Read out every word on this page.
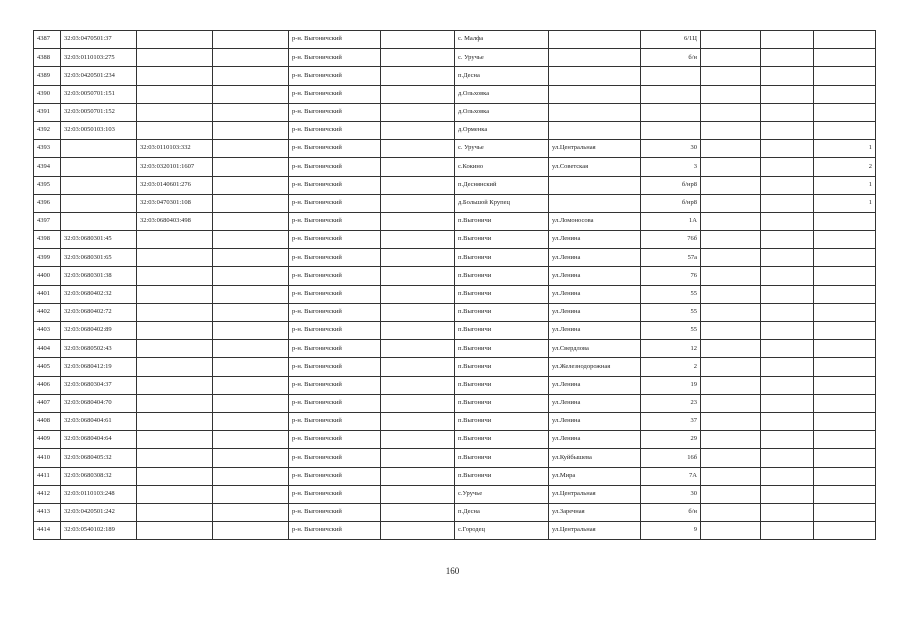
4387	32:03:0470501:37			р-н. Выгоничский		с. Малфа		6/1Ц			
4388	32:03:0110103:275			р-н. Выгоничский		с. Уручье		б/н			
4389	32:03:0420501:234			р-н. Выгоничский		п.Десна					
4390	32:03:0050701:151			р-н. Выгоничский		д.Ольховка					
4391	32:03:0050701:152			р-н. Выгоничский		д.Ольховка					
4392	32:03:0050103:103			р-н. Выгоничский		д.Орменка					
4393		32:03:0110103:332		р-н. Выгоничский		с. Уручье	ул.Центральная	30			1
4394		32:03:0320101:1607		р-н. Выгоничский		с.Кокино	ул.Советская	3			2
4395		32:03:0140601:276		р-н. Выгоничский		п.Деснянский		б/нр8			1
4396		32:03:0470301:108		р-н. Выгоничский		д.Большой Крупец		б/нр8			1
4397		32:03:0680403:498		р-н. Выгоничский		п.Выгоничи	ул.Ломоносова	1А			
4398	32:03:0680301:45			р-н. Выгоничский		п.Выгоничи	ул.Ленина	76б			
4399	32:03:0680301:65			р-н. Выгоничский		п.Выгоничи	ул.Ленина	57а			
4400	32:03:0680301:38			р-н. Выгоничский		п.Выгоничи	ул.Ленина	76			
4401	32:03:0680402:32			р-н. Выгоничский		п.Выгоничи	ул.Ленина	55			
4402	32:03:0680402:72			р-н. Выгоничский		п.Выгоничи	ул.Ленина	55			
4403	32:03:0680402:89			р-н. Выгоничский		п.Выгоничи	ул.Ленина	55			
4404	32:03:0680502:43			р-н. Выгоничский		п.Выгоничи	ул.Свердлова	12			
4405	32:03:0680412:19			р-н. Выгоничский		п.Выгоничи	ул.Железнодорожная	2			
4406	32:03:0680304:37			р-н. Выгоничский		п.Выгоничи	ул.Ленина	19			
4407	32:03:0680404:70			р-н. Выгоничский		п.Выгоничи	ул.Ленина	23			
4408	32:03:0680404:61			р-н. Выгоничский		п.Выгоничи	ул.Ленина	37			
4409	32:03:0680404:64			р-н. Выгоничский		п.Выгоничи	ул.Ленина	29			
4410	32:03:0680405:32			р-н. Выгоничский		п.Выгоничи	ул.Куйбышева	16б			
4411	32:03:0680308:32			р-н. Выгоничский		п.Выгоничи	ул.Мира	7А			
4412	32:03:0110103:248			р-н. Выгоничский		с.Уручье	ул.Центральная	30			
4413	32:03:0420501:242			р-н. Выгоничский		п.Десна	ул.Заречная	б/н			
4414	32:03:0540102:189			р-н. Выгоничский		с.Городец	ул.Центральная	9			
160
